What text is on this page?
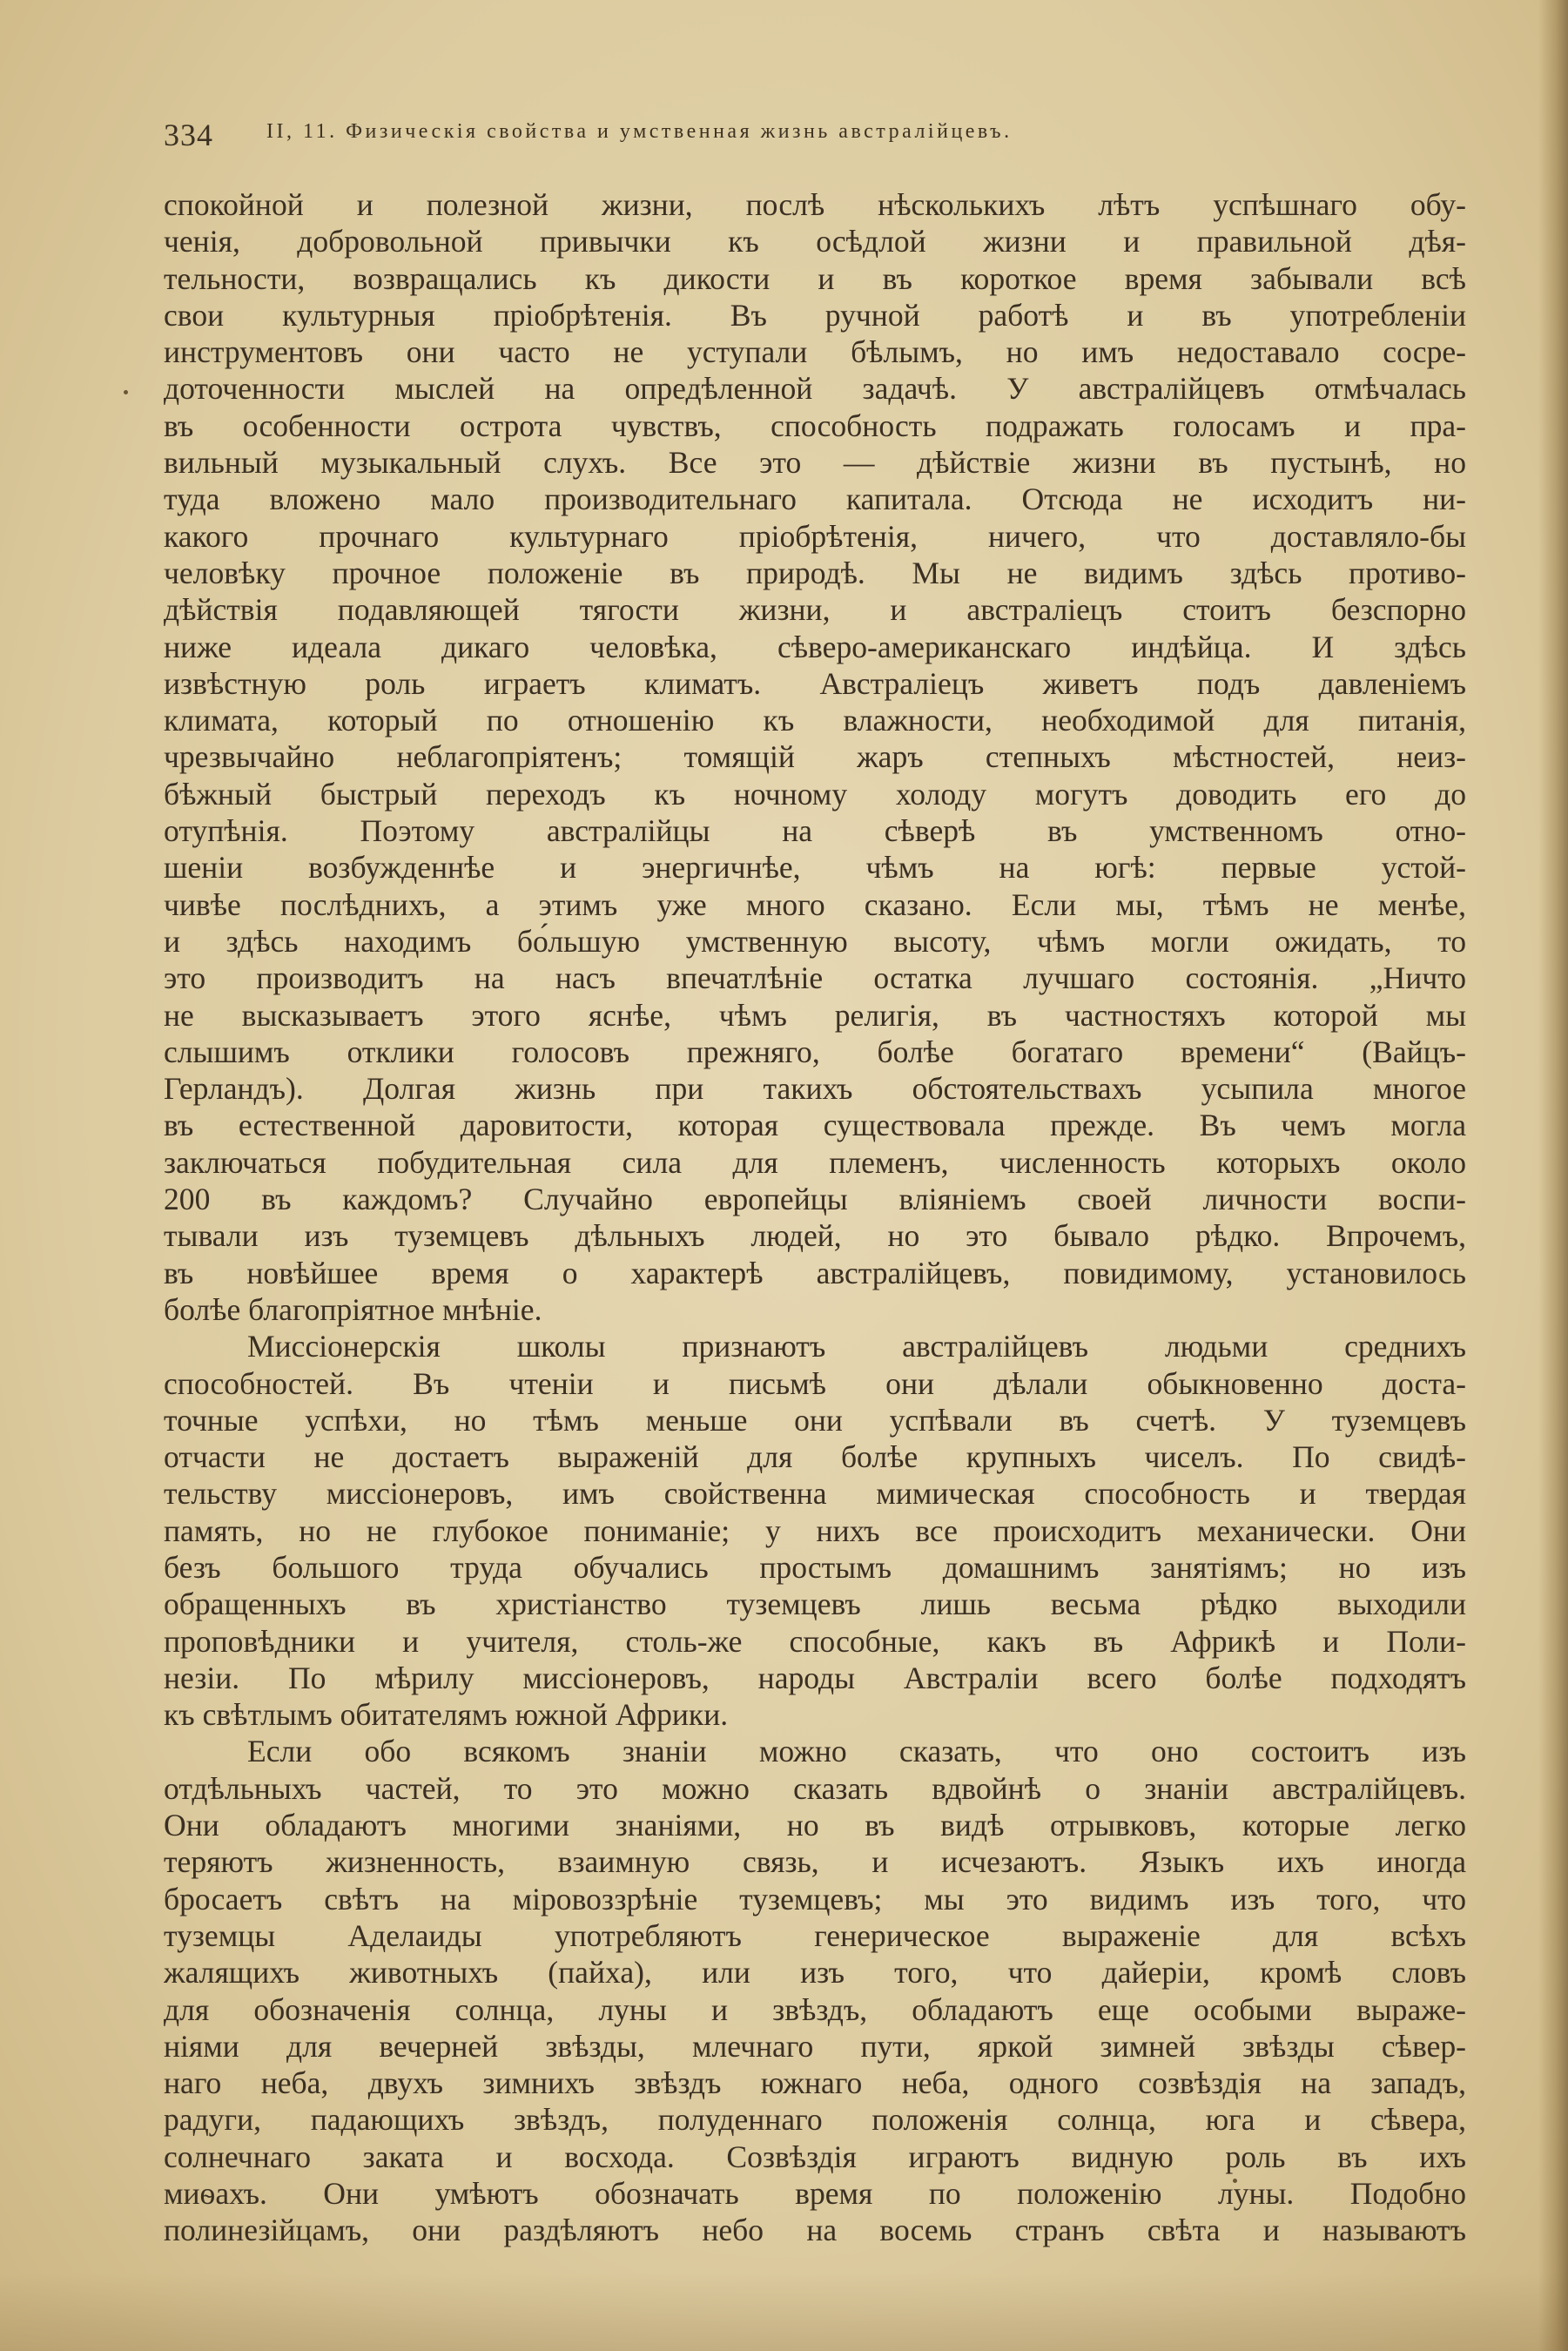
334	II, 11. Физическія свойства и умственная жизнь австралійцевъ.
спокойной и полезной жизни, послѣ нѣсколькихъ лѣтъ успѣшнаго обу-
ченія, добровольной привычки къ осѣдлой жизни и правильной дѣя-
тельности, возвращались къ дикости и въ короткое время забывали всѣ
свои культурныя пріобрѣтенія. Въ ручной работѣ и въ употребленіи
инструментовъ они часто не уступали бѣлымъ, но имъ недоставало сосре-
доточенности мыслей на опредѣленной задачѣ. У австралійцевъ отмѣчалась
въ особенности острота чувствъ, способность подражать голосамъ и пра-
вильный музыкальный слухъ. Все это — дѣйствіе жизни въ пустынѣ, но
туда вложено мало производительнаго капитала. Отсюда не исходитъ ни-
какого прочнаго культурнаго пріобрѣтенія, ничего, что доставляло-бы
человѣку прочное положеніе въ природѣ. Мы не видимъ здѣсь противо-
дѣйствія подавляющей тягости жизни, и австраліецъ стоитъ безспорно
ниже идеала дикаго человѣка, сѣверо-американскаго индѣйца. И здѣсь
извѣстную роль играетъ климатъ. Австраліецъ живетъ подъ давленіемъ
климата, который по отношенію къ влажности, необходимой для питанія,
чрезвычайно неблагопріятенъ; томящій жаръ степныхъ мѣстностей, неиз-
бѣжный быстрый переходъ къ ночному холоду могутъ доводить его до
отупѣнія. Поэтому австралійцы на сѣверѣ въ умственномъ отно-
шеніи возбужденнѣе и энергичнѣе, чѣмъ на югѣ: первые устой-
чивѣе послѣднихъ, а этимъ уже много сказано. Если мы, тѣмъ не менѣе,
и здѣсь находимъ бо́льшую умственную высоту, чѣмъ могли ожидать, то
это производитъ на насъ впечатлѣніе остатка лучшаго состоянія. „Ничто
не высказываетъ этого яснѣе, чѣмъ религія, въ частностяхъ которой мы
слышимъ отклики голосовъ прежняго, болѣе богатаго времени“ (Вайцъ-
Герландъ). Долгая жизнь при такихъ обстоятельствахъ усыпила многое
въ естественной даровитости, которая существовала прежде. Въ чемъ могла
заключаться побудительная сила для племенъ, численность которыхъ около
200 въ каждомъ? Случайно европейцы вліяніемъ своей личности воспи-
тывали изъ туземцевъ дѣльныхъ людей, но это бывало рѣдко. Впрочемъ,
въ новѣйшее время о характерѣ австралійцевъ, повидимому, установилось
болѣе благопріятное мнѣніе.
Миссіонерскія школы признаютъ австралійцевъ людьми среднихъ
способностей. Въ чтеніи и письмѣ они дѣлали обыкновенно доста-
точные успѣхи, но тѣмъ меньше они успѣвали въ счетѣ. У туземцевъ
отчасти не достаетъ выраженій для болѣе крупныхъ чиселъ. По свидѣ-
тельству миссіонеровъ, имъ свойственна мимическая способность и твердая
память, но не глубокое пониманіе; у нихъ все происходитъ механически. Они
безъ большого труда обучались простымъ домашнимъ занятіямъ; но изъ
обращенныхъ въ христіанство туземцевъ лишь весьма рѣдко выходили
проповѣдники и учителя, столь-же способные, какъ въ Африкѣ и Поли-
незіи. По мѣрилу миссіонеровъ, народы Австраліи всего болѣе подходятъ
къ свѣтлымъ обитателямъ южной Африки.
Если обо всякомъ знаніи можно сказать, что оно состоитъ изъ
отдѣльныхъ частей, то это можно сказать вдвойнѣ о знаніи австралійцевъ.
Они обладаютъ многими знаніями, но въ видѣ отрывковъ, которые легко
теряютъ жизненность, взаимную связь, и исчезаютъ. Языкъ ихъ иногда
бросаетъ свѣтъ на міровоззрѣніе туземцевъ; мы это видимъ изъ того, что
туземцы Аделаиды употребляютъ генерическое выраженіе для всѣхъ
жалящихъ животныхъ (пайха), или изъ того, что дайеріи, кромѣ словъ
для обозначенія солнца, луны и звѣздъ, обладаютъ еще особыми выраже-
ніями для вечерней звѣзды, млечнаго пути, яркой зимней звѣзды сѣвер-
наго неба, двухъ зимнихъ звѣздъ южнаго неба, одного созвѣздія на западъ,
радуги, падающихъ звѣздъ, полуденнаго положенія солнца, юга и сѣвера,
солнечнаго заката и восхода. Созвѣздія играютъ видную роль въ ихъ
миѳахъ. Они умѣютъ обозначать время по положенію луны. Подобно
полинезійцамъ, они раздѣляютъ небо на восемь странъ свѣта и называютъ
